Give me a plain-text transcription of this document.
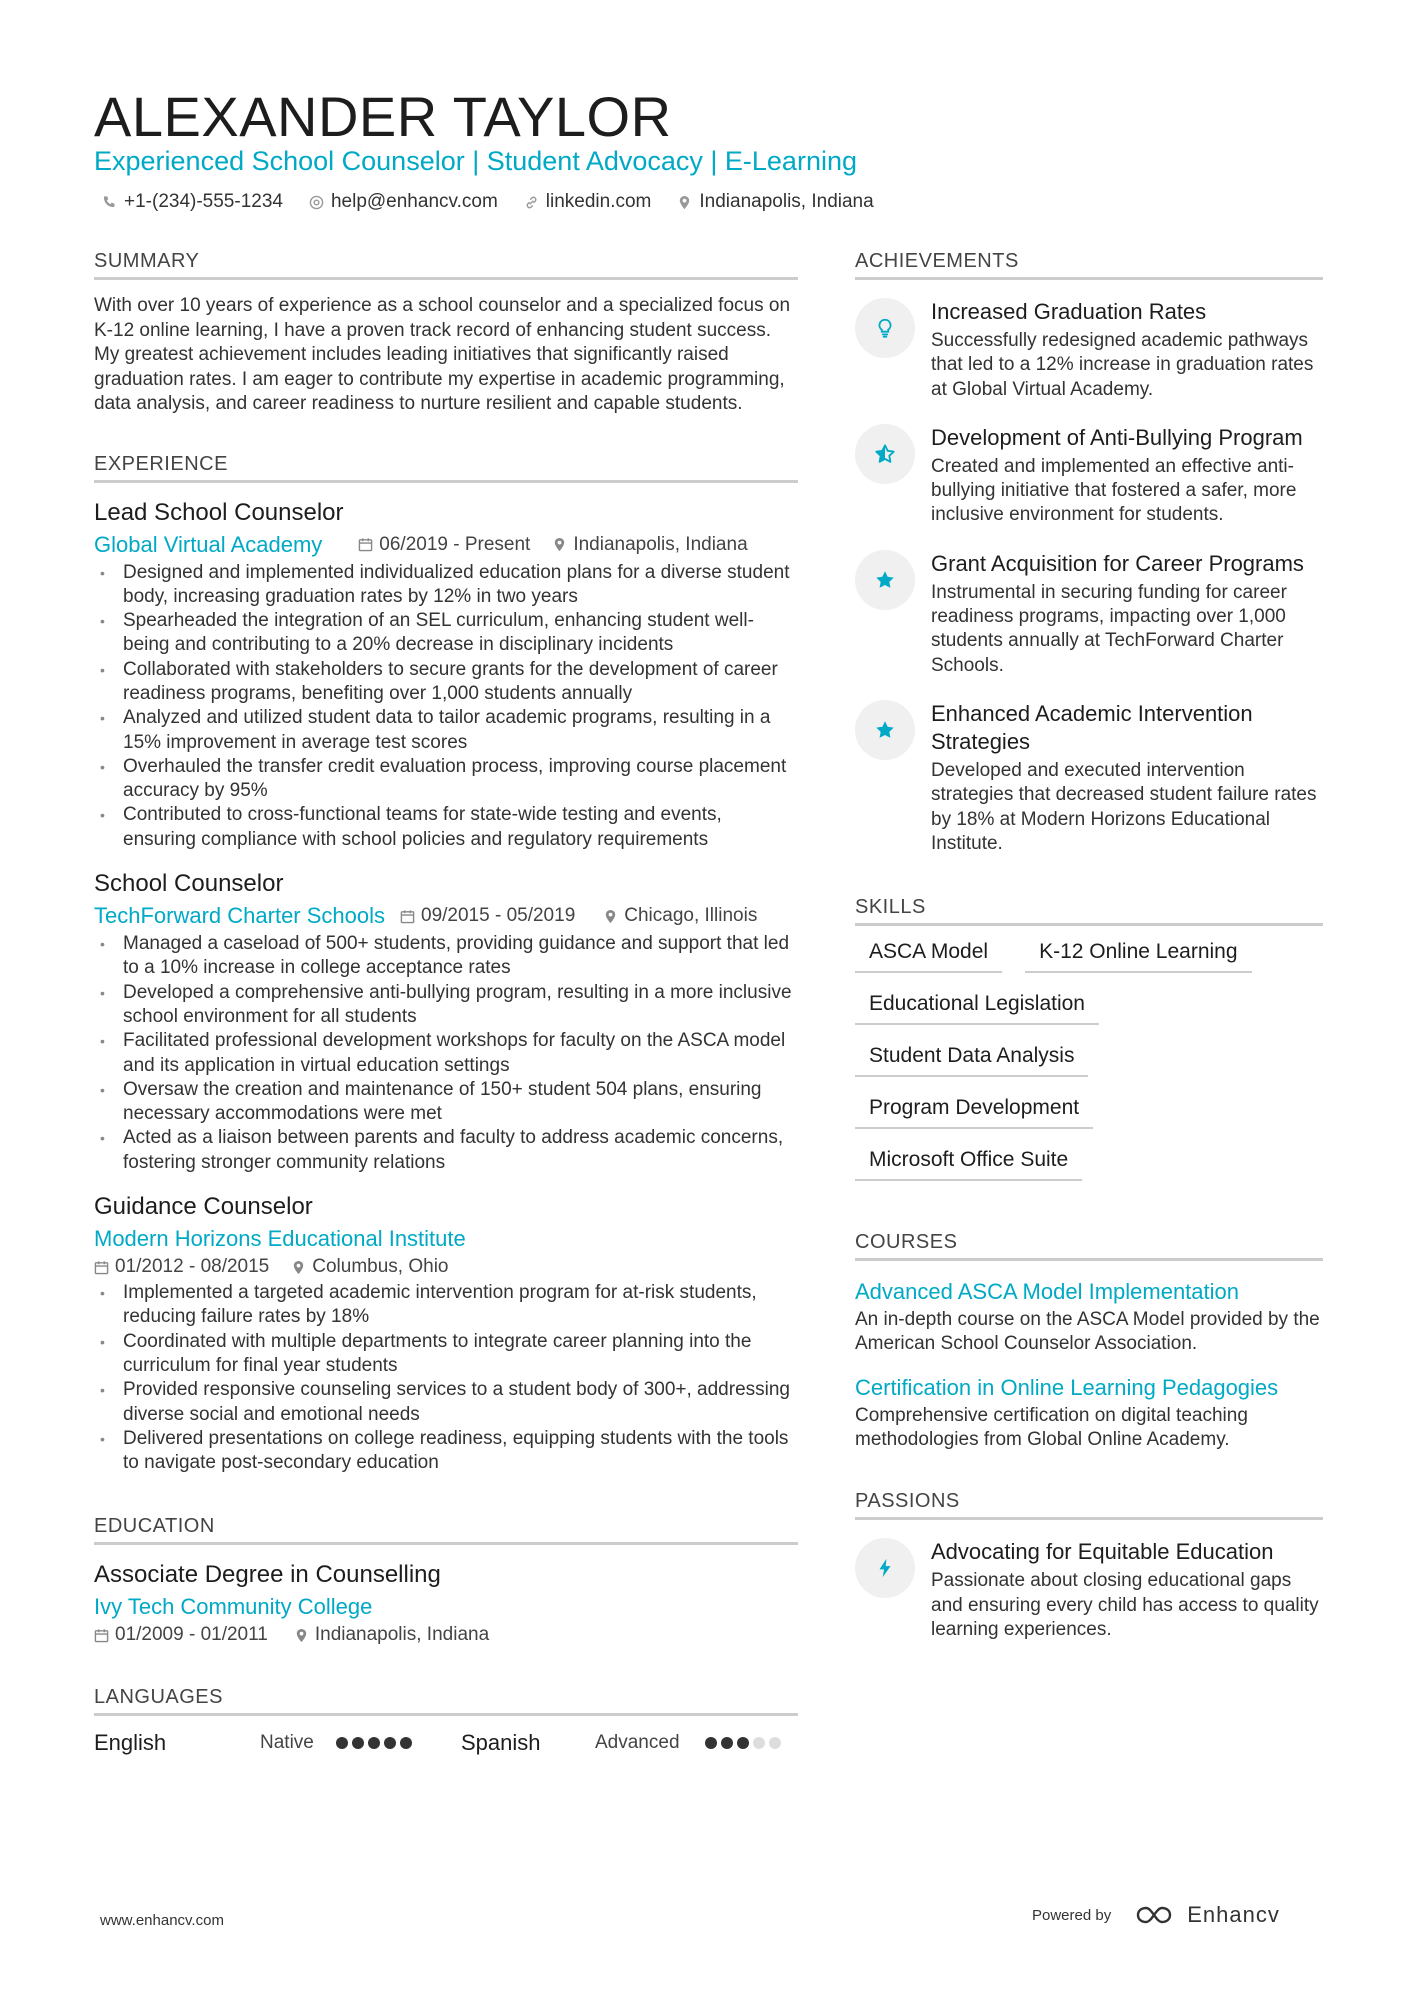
ALEXANDER TAYLOR
Experienced School Counselor | Student Advocacy | E-Learning
+1-(234)-555-1234	help@enhancv.com	linkedin.com	Indianapolis, Indiana
SUMMARY

With over 10 years of experience as a school counselor and a specialized focus on K-12 online learning, I have a proven track record of enhancing student success. My greatest achievement includes leading initiatives that significantly raised graduation rates. I am eager to contribute my expertise in academic programming, data analysis, and career readiness to nurture resilient and capable students.

EXPERIENCE
Lead School Counselor
Global Virtual Academy	06/2019 - Present Indianapolis, Indiana
• Designed and implemented individualized education plans for a diverse student body, increasing graduation rates by 12% in two years
• Spearheaded the integration of an SEL curriculum, enhancing student well-being and contributing to a 20% decrease in disciplinary incidents
• Collaborated with stakeholders to secure grants for the development of career readiness programs, benefiting over 1,000 students annually
• Analyzed and utilized student data to tailor academic programs, resulting in a 15% improvement in average test scores
• Overhauled the transfer credit evaluation process, improving course placement accuracy by 95%
• Contributed to cross-functional teams for state-wide testing and events, ensuring compliance with school policies and regulatory requirements
School Counselor
TechForward Charter Schools 09/2015 - 05/2019	Chicago, Illinois
• Managed a caseload of 500+ students, providing guidance and support that led to a 10% increase in college acceptance rates
• Developed a comprehensive anti-bullying program, resulting in a more inclusive school environment for all students
• Facilitated professional development workshops for faculty on the ASCA model and its application in virtual education settings
• Oversaw the creation and maintenance of 150+ student 504 plans, ensuring necessary accommodations were met
• Acted as a liaison between parents and faculty to address academic concerns, fostering stronger community relations
Guidance Counselor
Modern Horizons Educational Institute
01/2012 - 08/2015 Columbus, Ohio
• Implemented a targeted academic intervention program for at-risk students, reducing failure rates by 18%
• Coordinated with multiple departments to integrate career planning into the curriculum for final year students
• Provided responsive counseling services to a student body of 300+, addressing diverse social and emotional needs
• Delivered presentations on college readiness, equipping students with the tools to navigate post-secondary education
EDUCATION
Associate Degree in Counselling
Ivy Tech Community College
01/2009 - 01/2011 Indianapolis, Indiana
LANGUAGES
English	Native	Spanish	Advanced
ACHIEVEMENTS
Increased Graduation Rates
Successfully redesigned academic pathways that led to a 12% increase in graduation rates at Global Virtual Academy.
Development of Anti-Bullying Program
Created and implemented an effective anti-bullying initiative that fostered a safer, more inclusive environment for students.
Grant Acquisition for Career Programs
Instrumental in securing funding for career readiness programs, impacting over 1,000 students annually at TechForward Charter Schools.
Enhanced Academic Intervention Strategies
Developed and executed intervention strategies that decreased student failure rates by 18% at Modern Horizons Educational Institute.
SKILLS
ASCA Model	K-12 Online Learning
Educational Legislation
Student Data Analysis
Program Development
Microsoft Office Suite
COURSES
Advanced ASCA Model Implementation
An in-depth course on the ASCA Model provided by the American School Counselor Association.
Certification in Online Learning Pedagogies
Comprehensive certification on digital teaching methodologies from Global Online Academy.
PASSIONS
Advocating for Equitable Education
Passionate about closing educational gaps and ensuring every child has access to quality learning experiences.
www.enhancv.com	Powered by	Enhancv
